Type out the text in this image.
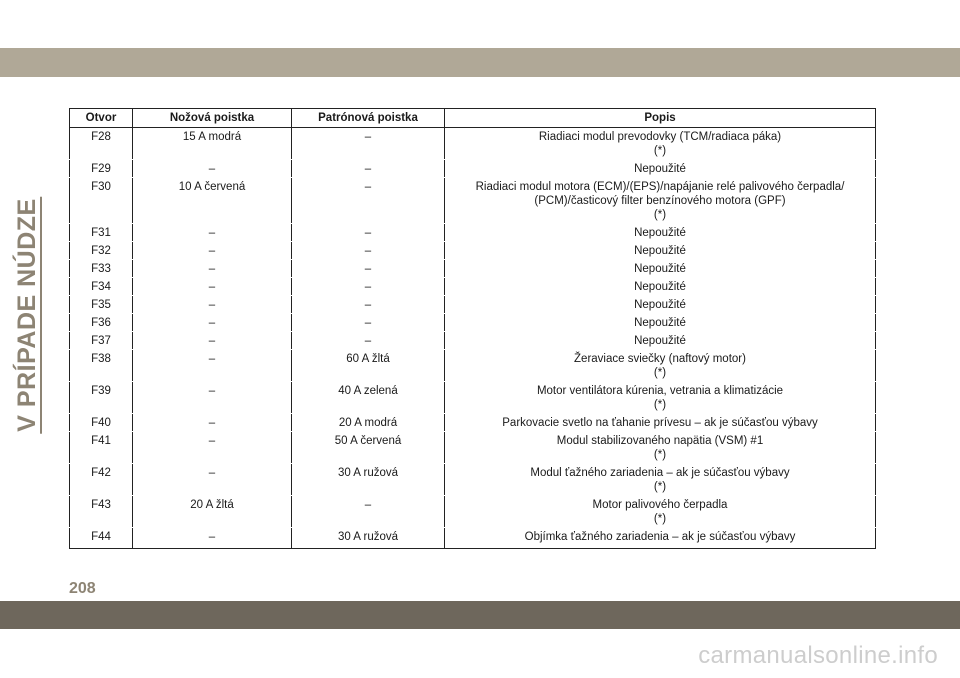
V PRÍPADE NÚDZE
Otvor	Nožová poistka	Patrónová poistka	Popis
F28	15 A modrá	–	Riadiaci modul prevodovky (TCM/radiaca páka)
(*)
F29	–	–	Nepoužité
F30	10 A červená	–	Riadiaci modul motora (ECM)/(EPS)/napájanie relé palivového čerpadla/
(PCM)/časticový filter benzínového motora (GPF)
(*)
F31	–	–	Nepoužité
F32	–	–	Nepoužité
F33	–	–	Nepoužité
F34	–	–	Nepoužité
F35	–	–	Nepoužité
F36	–	–	Nepoužité
F37	–	–	Nepoužité
F38	–	60 A žltá	Žeraviace sviečky (naftový motor)
(*)
F39	–	40 A zelená	Motor ventilátora kúrenia, vetrania a klimatizácie
(*)
F40	–	20 A modrá	Parkovacie svetlo na ťahanie prívesu – ak je súčasťou výbavy
F41	–	50 A červená	Modul stabilizovaného napätia (VSM) #1
(*)
F42	–	30 A ružová	Modul ťažného zariadenia – ak je súčasťou výbavy
(*)
F43	20 A žltá	–	Motor palivového čerpadla
(*)
F44	–	30 A ružová	Objímka ťažného zariadenia – ak je súčasťou výbavy
208
carmanualsonline.info
